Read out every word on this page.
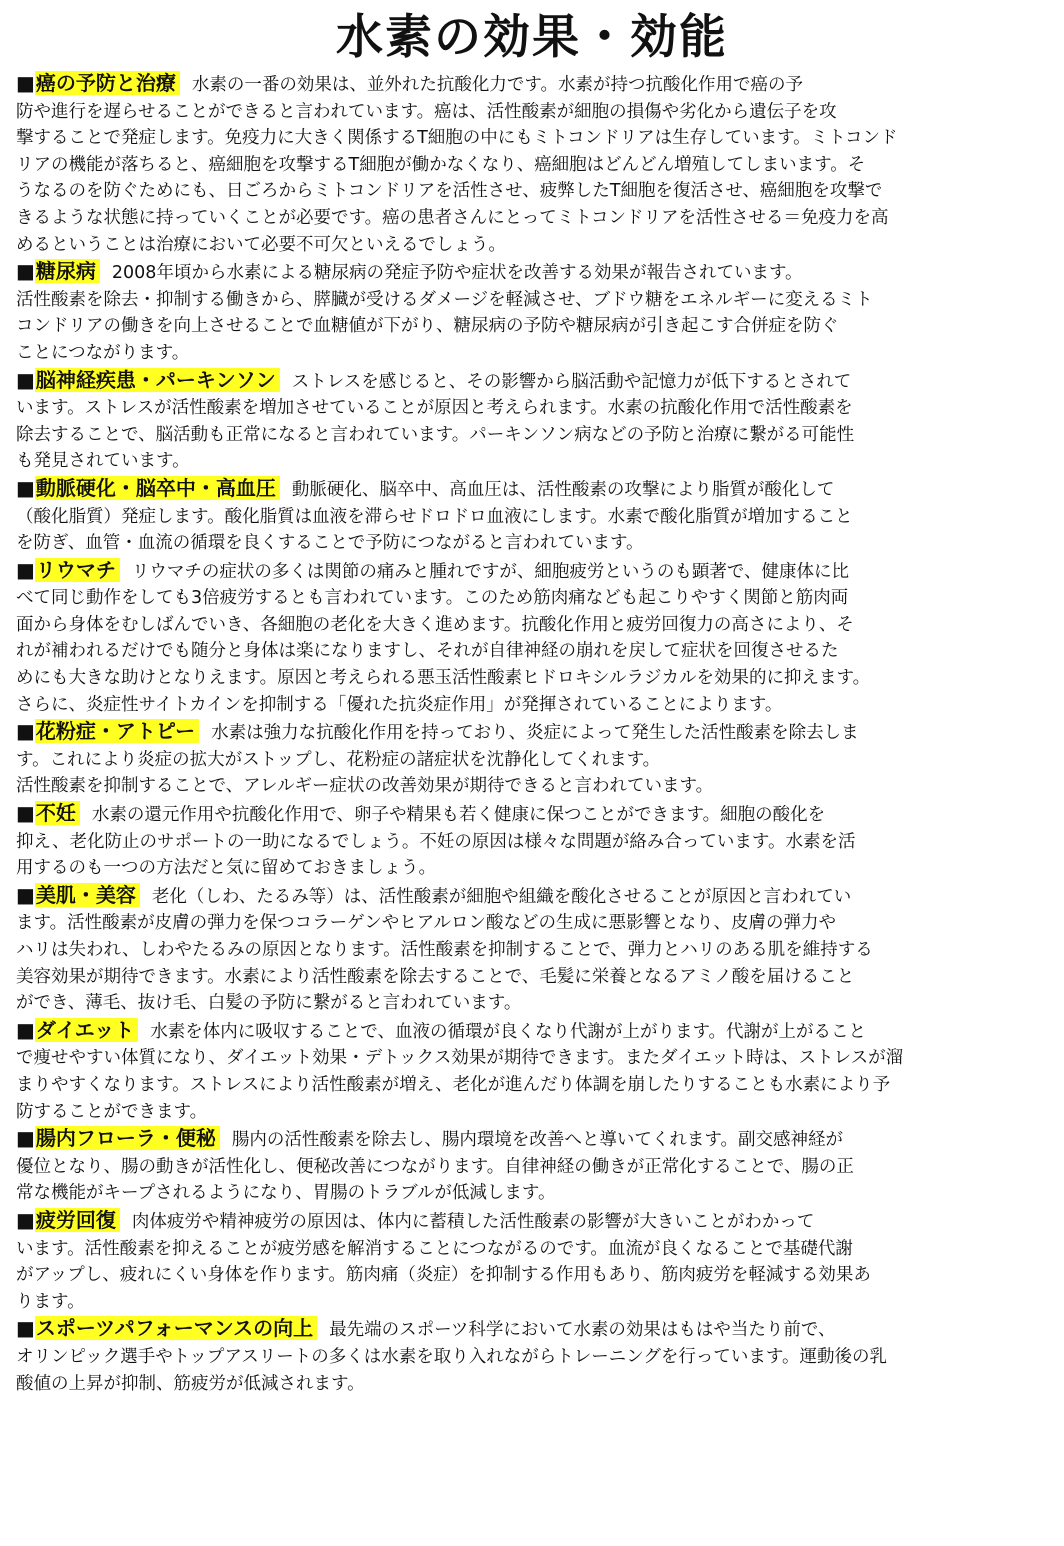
水素の効果・効能

■癌の予防と治療 水素の一番の効果は、並外れた抗酸化力です。水素が持つ抗酸化作用で癌の予
防や進行を遅らせることができると言われています。癌は、活性酸素が細胞の損傷や劣化から遺伝子を攻
撃することで発症します。免疫力に大きく関係するT細胞の中にもミトコンドリアは生存しています。ミトコンド
リアの機能が落ちると、癌細胞を攻撃するT細胞が働かなくなり、癌細胞はどんどん増殖してしまいます。そ
うなるのを防ぐためにも、日ごろからミトコンドリアを活性させ、疲弊したT細胞を復活させ、癌細胞を攻撃で
きるような状態に持っていくことが必要です。癌の患者さんにとってミトコンドリアを活性させる＝免疫力を高
めるということは治療において必要不可欠といえるでしょう。

■糖尿病 2008年頃から水素による糖尿病の発症予防や症状を改善する効果が報告されています。
活性酸素を除去・抑制する働きから、膵臓が受けるダメージを軽減させ、ブドウ糖をエネルギーに変えるミト
コンドリアの働きを向上させることで血糖値が下がり、糖尿病の予防や糖尿病が引き起こす合併症を防ぐ
ことにつながります。

■脳神経疾患・パーキンソン ストレスを感じると、その影響から脳活動や記憶力が低下するとされて
います。ストレスが活性酸素を増加させていることが原因と考えられます。水素の抗酸化作用で活性酸素を
除去することで、脳活動も正常になると言われています。パーキンソン病などの予防と治療に繋がる可能性
も発見されています。

■動脈硬化・脳卒中・高血圧 動脈硬化、脳卒中、高血圧は、活性酸素の攻撃により脂質が酸化して
（酸化脂質）発症します。酸化脂質は血液を滞らせドロドロ血液にします。水素で酸化脂質が増加すること
を防ぎ、血管・血流の循環を良くすることで予防につながると言われています。

■リウマチ リウマチの症状の多くは関節の痛みと腫れですが、細胞疲労というのも顕著で、健康体に比
べて同じ動作をしても3倍疲労するとも言われています。このため筋肉痛なども起こりやすく関節と筋肉両
面から身体をむしばんでいき、各細胞の老化を大きく進めます。抗酸化作用と疲労回復力の高さにより、そ
れが補われるだけでも随分と身体は楽になりますし、それが自律神経の崩れを戻して症状を回復させるた
めにも大きな助けとなりえます。原因と考えられる悪玉活性酸素ヒドロキシルラジカルを効果的に抑えます。
さらに、炎症性サイトカインを抑制する「優れた抗炎症作用」が発揮されていることによります。

■花粉症・アトピー 水素は強力な抗酸化作用を持っており、炎症によって発生した活性酸素を除去しま
す。これにより炎症の拡大がストップし、花粉症の諸症状を沈静化してくれます。
活性酸素を抑制することで、アレルギー症状の改善効果が期待できると言われています。

■不妊 水素の還元作用や抗酸化作用で、卵子や精果も若く健康に保つことができます。細胞の酸化を
抑え、老化防止のサポートの一助になるでしょう。不妊の原因は様々な問題が絡み合っています。水素を活
用するのも一つの方法だと気に留めておきましょう。

■美肌・美容 老化（しわ、たるみ等）は、活性酸素が細胞や組織を酸化させることが原因と言われてい
ます。活性酸素が皮膚の弾力を保つコラーゲンやヒアルロン酸などの生成に悪影響となり、皮膚の弾力や
ハリは失われ、しわやたるみの原因となります。活性酸素を抑制することで、弾力とハリのある肌を維持する
美容効果が期待できます。水素により活性酸素を除去することで、毛髪に栄養となるアミノ酸を届けること
ができ、薄毛、抜け毛、白髪の予防に繋がると言われています。

■ダイエット 水素を体内に吸収することで、血液の循環が良くなり代謝が上がります。代謝が上がること
で痩せやすい体質になり、ダイエット効果・デトックス効果が期待できます。またダイエット時は、ストレスが溜
まりやすくなります。ストレスにより活性酸素が増え、老化が進んだり体調を崩したりすることも水素により予
防することができます。

■腸内フローラ・便秘 腸内の活性酸素を除去し、腸内環境を改善へと導いてくれます。副交感神経が
優位となり、腸の動きが活性化し、便秘改善につながります。自律神経の働きが正常化することで、腸の正
常な機能がキープされるようになり、胃腸のトラブルが低減します。

■疲労回復 肉体疲労や精神疲労の原因は、体内に蓄積した活性酸素の影響が大きいことがわかって
います。活性酸素を抑えることが疲労感を解消することにつながるのです。血流が良くなることで基礎代謝
がアップし、疲れにくい身体を作ります。筋肉痛（炎症）を抑制する作用もあり、筋肉疲労を軽減する効果あ
ります。

■スポーツパフォーマンスの向上 最先端のスポーツ科学において水素の効果はもはや当たり前で、
オリンピック選手やトップアスリートの多くは水素を取り入れながらトレーニングを行っています。運動後の乳
酸値の上昇が抑制、筋疲労が低減されます。
